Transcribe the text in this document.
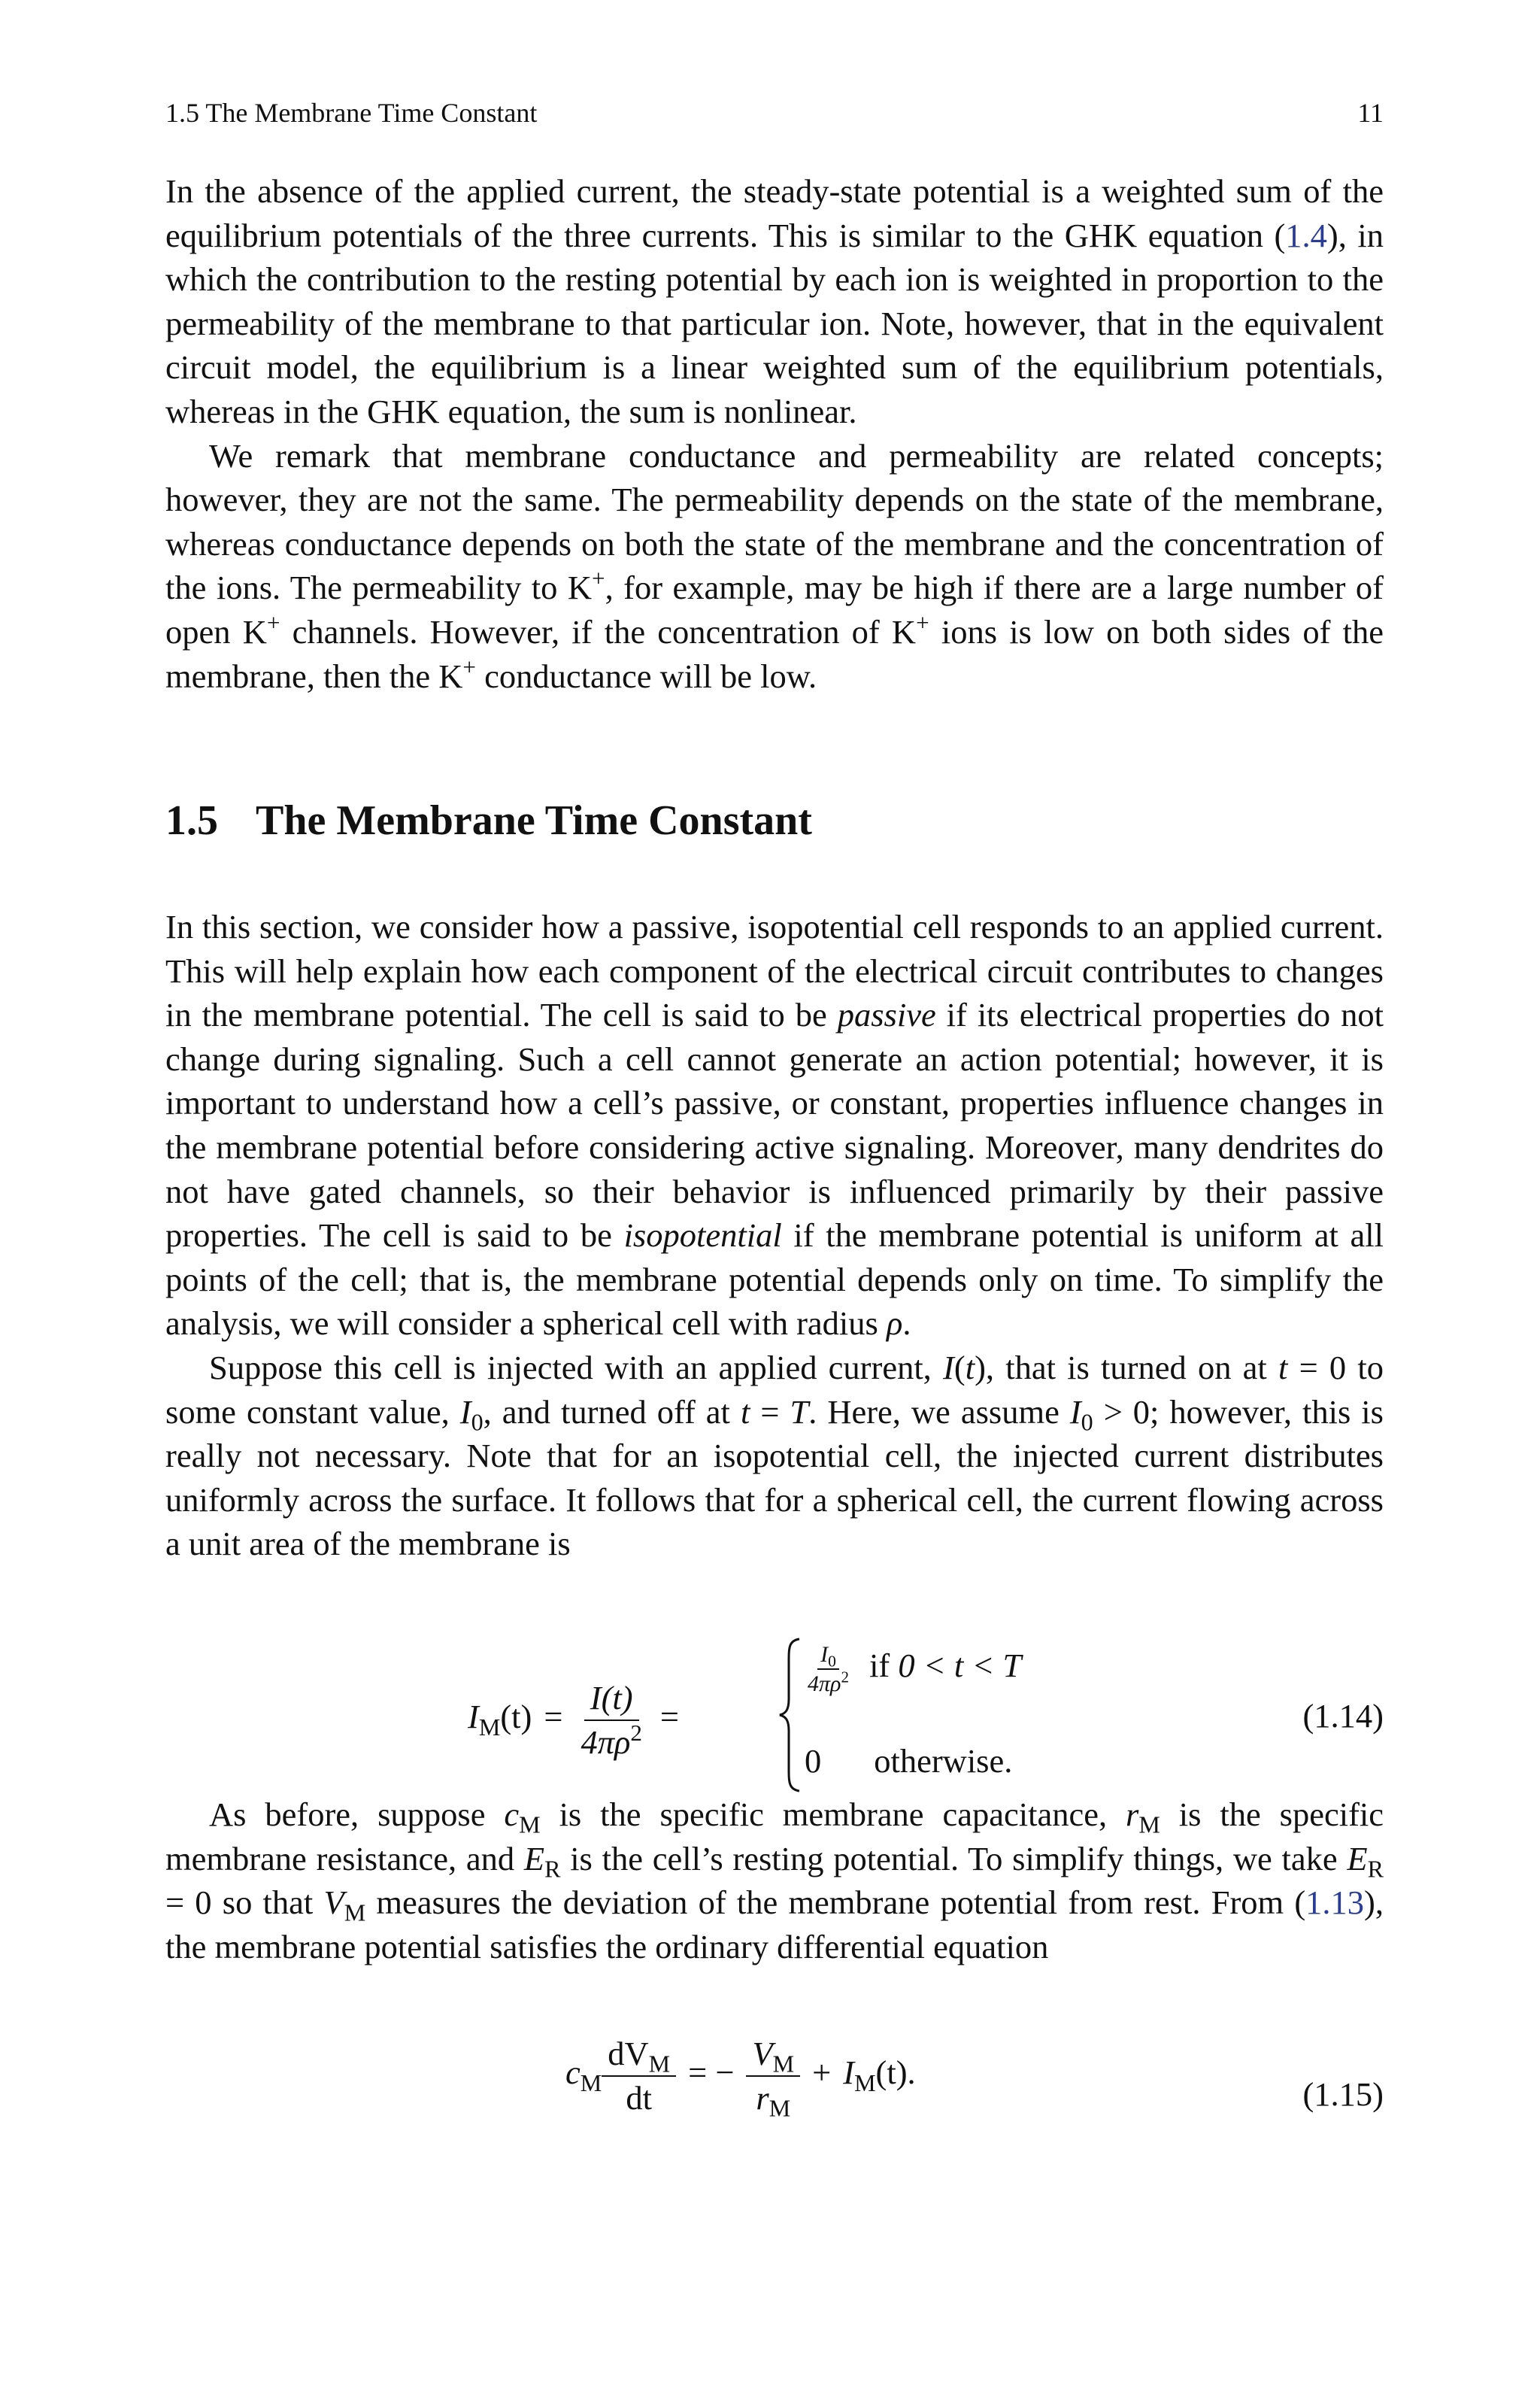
1.5 The Membrane Time Constant	11

In the absence of the applied current, the steady-state potential is a weighted sum of the equilibrium potentials of the three currents. This is similar to the GHK equation (1.4), in which the contribution to the resting potential by each ion is weighted in proportion to the permeability of the membrane to that particular ion. Note, however, that in the equivalent circuit model, the equilibrium is a linear weighted sum of the equilibrium potentials, whereas in the GHK equation, the sum is nonlinear.

We remark that membrane conductance and permeability are related concepts; however, they are not the same. The permeability depends on the state of the membrane, whereas conductance depends on both the state of the membrane and the concentration of the ions. The permeability to K+, for example, may be high if there are a large number of open K+ channels. However, if the concentration of K+ ions is low on both sides of the membrane, then the K+ conductance will be low.

1.5 The Membrane Time Constant

In this section, we consider how a passive, isopotential cell responds to an applied current. This will help explain how each component of the electrical circuit contributes to changes in the membrane potential. The cell is said to be passive if its electrical properties do not change during signaling. Such a cell cannot generate an action potential; however, it is important to understand how a cell’s passive, or constant, properties influence changes in the membrane potential before considering active signaling. Moreover, many dendrites do not have gated channels, so their behavior is influenced primarily by their passive properties. The cell is said to be isopotential if the membrane potential is uniform at all points of the cell; that is, the membrane potential depends only on time. To simplify the analysis, we will consider a spherical cell with radius ρ.

Suppose this cell is injected with an applied current, I(t), that is turned on at t = 0 to some constant value, $I_0$, and turned off at t = T. Here, we assume $I_0 > 0$; however, this is really not necessary. Note that for an isopotential cell, the injected current distributes uniformly across the surface. It follows that for a spherical cell, the current flowing across a unit area of the membrane is

$I_M(t) = \frac{I(t)}{4\pi\rho^2}$ =
$\frac{I_0}{4\pi\rho^2}$ if 0 < t < T
0 otherwise.
(1.14)

As before, suppose $c_M$ is the specific membrane capacitance, $r_M$ is the specific membrane resistance, and $E_R$ is the cell’s resting potential. To simplify things, we take $E_R = 0$ so that $V_M$ measures the deviation of the membrane potential from rest. From (1.13), the membrane potential satisfies the ordinary differential equation

$c_M \frac{dV_M}{dt}$ = − $\frac{V_M}{r_M} + I_M(t)$.
(1.15)
